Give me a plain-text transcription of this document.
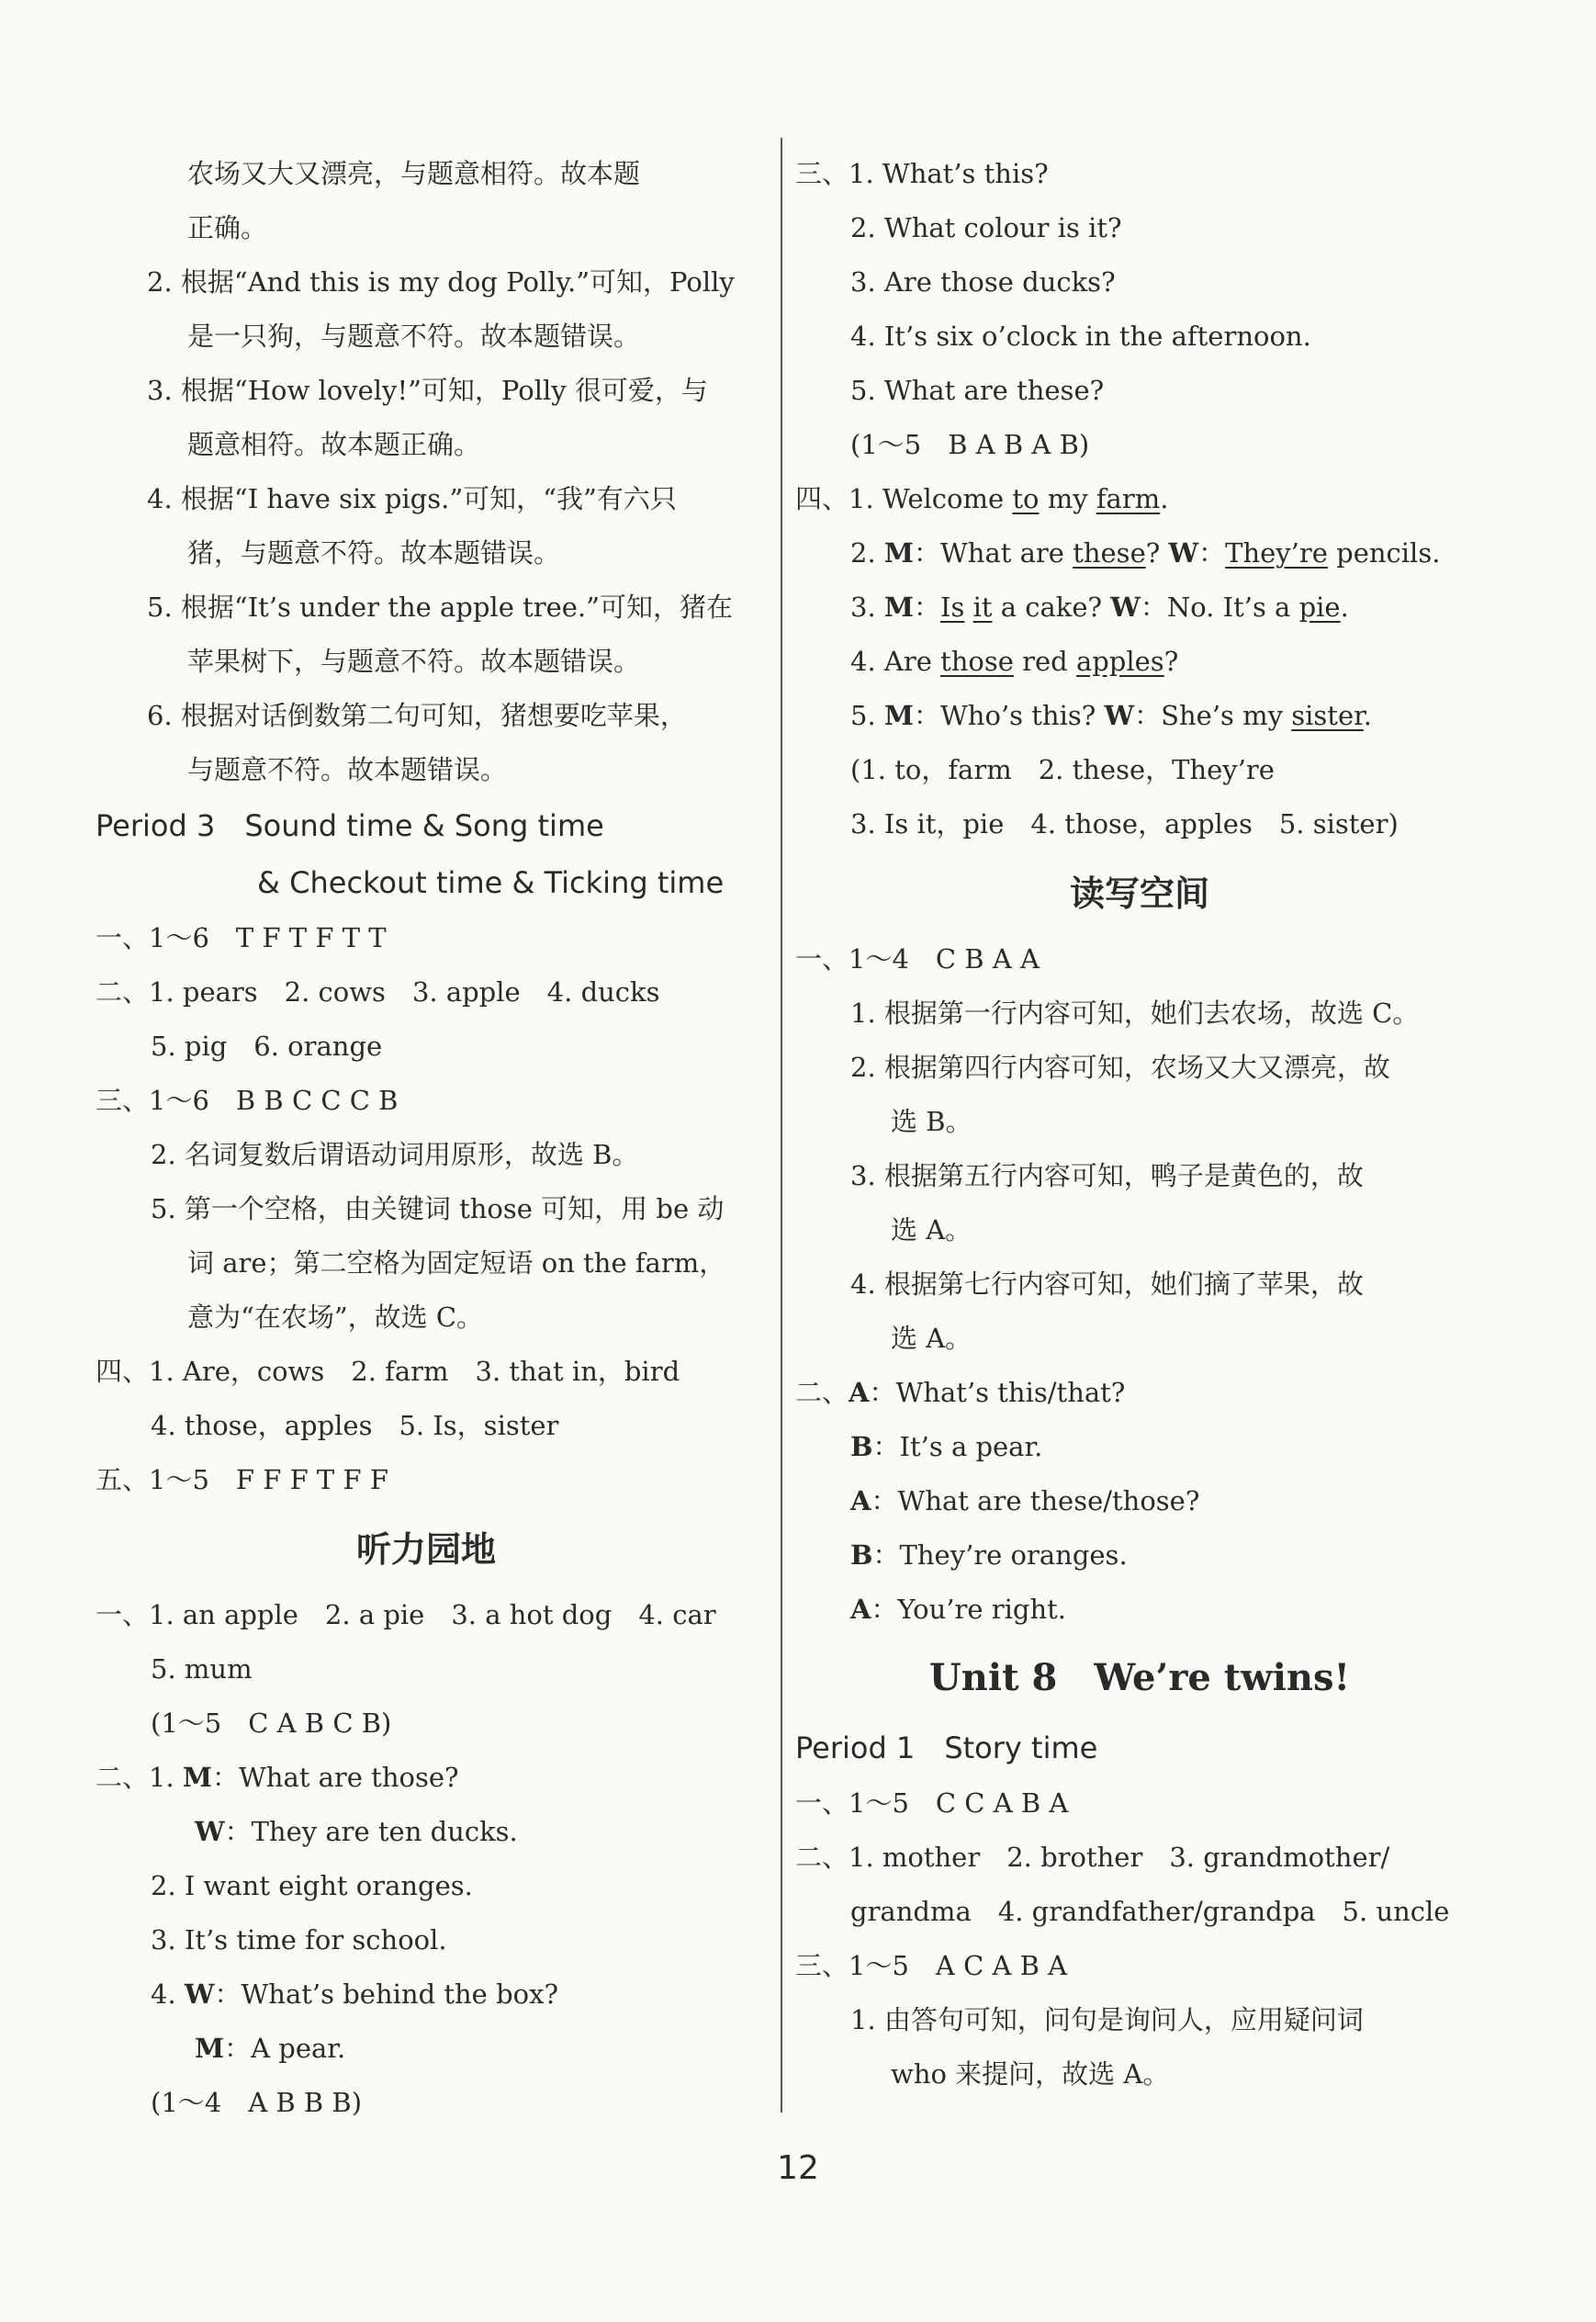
农场又大又漂亮，与题意相符。故本题
正确。
2. 根据“And this is my dog Polly.”可知，Polly
是一只狗，与题意不符。故本题错误。
3. 根据“How lovely!”可知，Polly 很可爱，与
题意相符。故本题正确。
4. 根据“I have six pigs.”可知，“我”有六只
猪，与题意不符。故本题错误。
5. 根据“It’s under the apple tree.”可知，猪在
苹果树下，与题意不符。故本题错误。
6. 根据对话倒数第二句可知，猪想要吃苹果，
与题意不符。故本题错误。
Period 3　Sound time & Song time
& Checkout time & Ticking time
一、1～6　T F T F T T
二、1. pears　2. cows　3. apple　4. ducks
5. pig　6. orange
三、1～6　B B C C C B
2. 名词复数后谓语动词用原形，故选 B。
5. 第一个空格，由关键词 those 可知，用 be 动
词 are；第二空格为固定短语 on the farm，
意为“在农场”，故选 C。
四、1. Are，cows　2. farm　3. that in，bird
4. those，apples　5. Is，sister
五、1～5　F F F T F F
听力园地
一、1. an apple　2. a pie　3. a hot dog　4. car
5. mum
(1～5　C A B C B)
二、1. M：What are those?
W：They are ten ducks.
2. I want eight oranges.
3. It’s time for school.
4. W：What’s behind the box?
M：A pear.
(1～4　A B B B)
三、1. What’s this?
2. What colour is it?
3. Are those ducks?
4. It’s six o’clock in the afternoon.
5. What are these?
(1～5　B A B A B)
四、1. Welcome to my farm.
2. M：What are these? W：They’re pencils.
3. M：Is it a cake? W：No. It’s a pie.
4. Are those red apples?
5. M：Who’s this? W：She’s my sister.
(1. to，farm　2. these，They’re
3. Is it，pie　4. those，apples　5. sister)
读写空间
一、1～4　C B A A
1. 根据第一行内容可知，她们去农场，故选 C。
2. 根据第四行内容可知，农场又大又漂亮，故
选 B。
3. 根据第五行内容可知，鸭子是黄色的，故
选 A。
4. 根据第七行内容可知，她们摘了苹果，故
选 A。
二、A：What’s this/that?
B：It’s a pear.
A：What are these/those?
B：They’re oranges.
A：You’re right.
Unit 8　We’re twins!
Period 1　Story time
一、1～5　C C A B A
二、1. mother　2. brother　3. grandmother/
grandma　4. grandfather/grandpa　5. uncle
三、1～5　A C A B A
1. 由答句可知，问句是询问人，应用疑问词
who 来提问，故选 A。
12
